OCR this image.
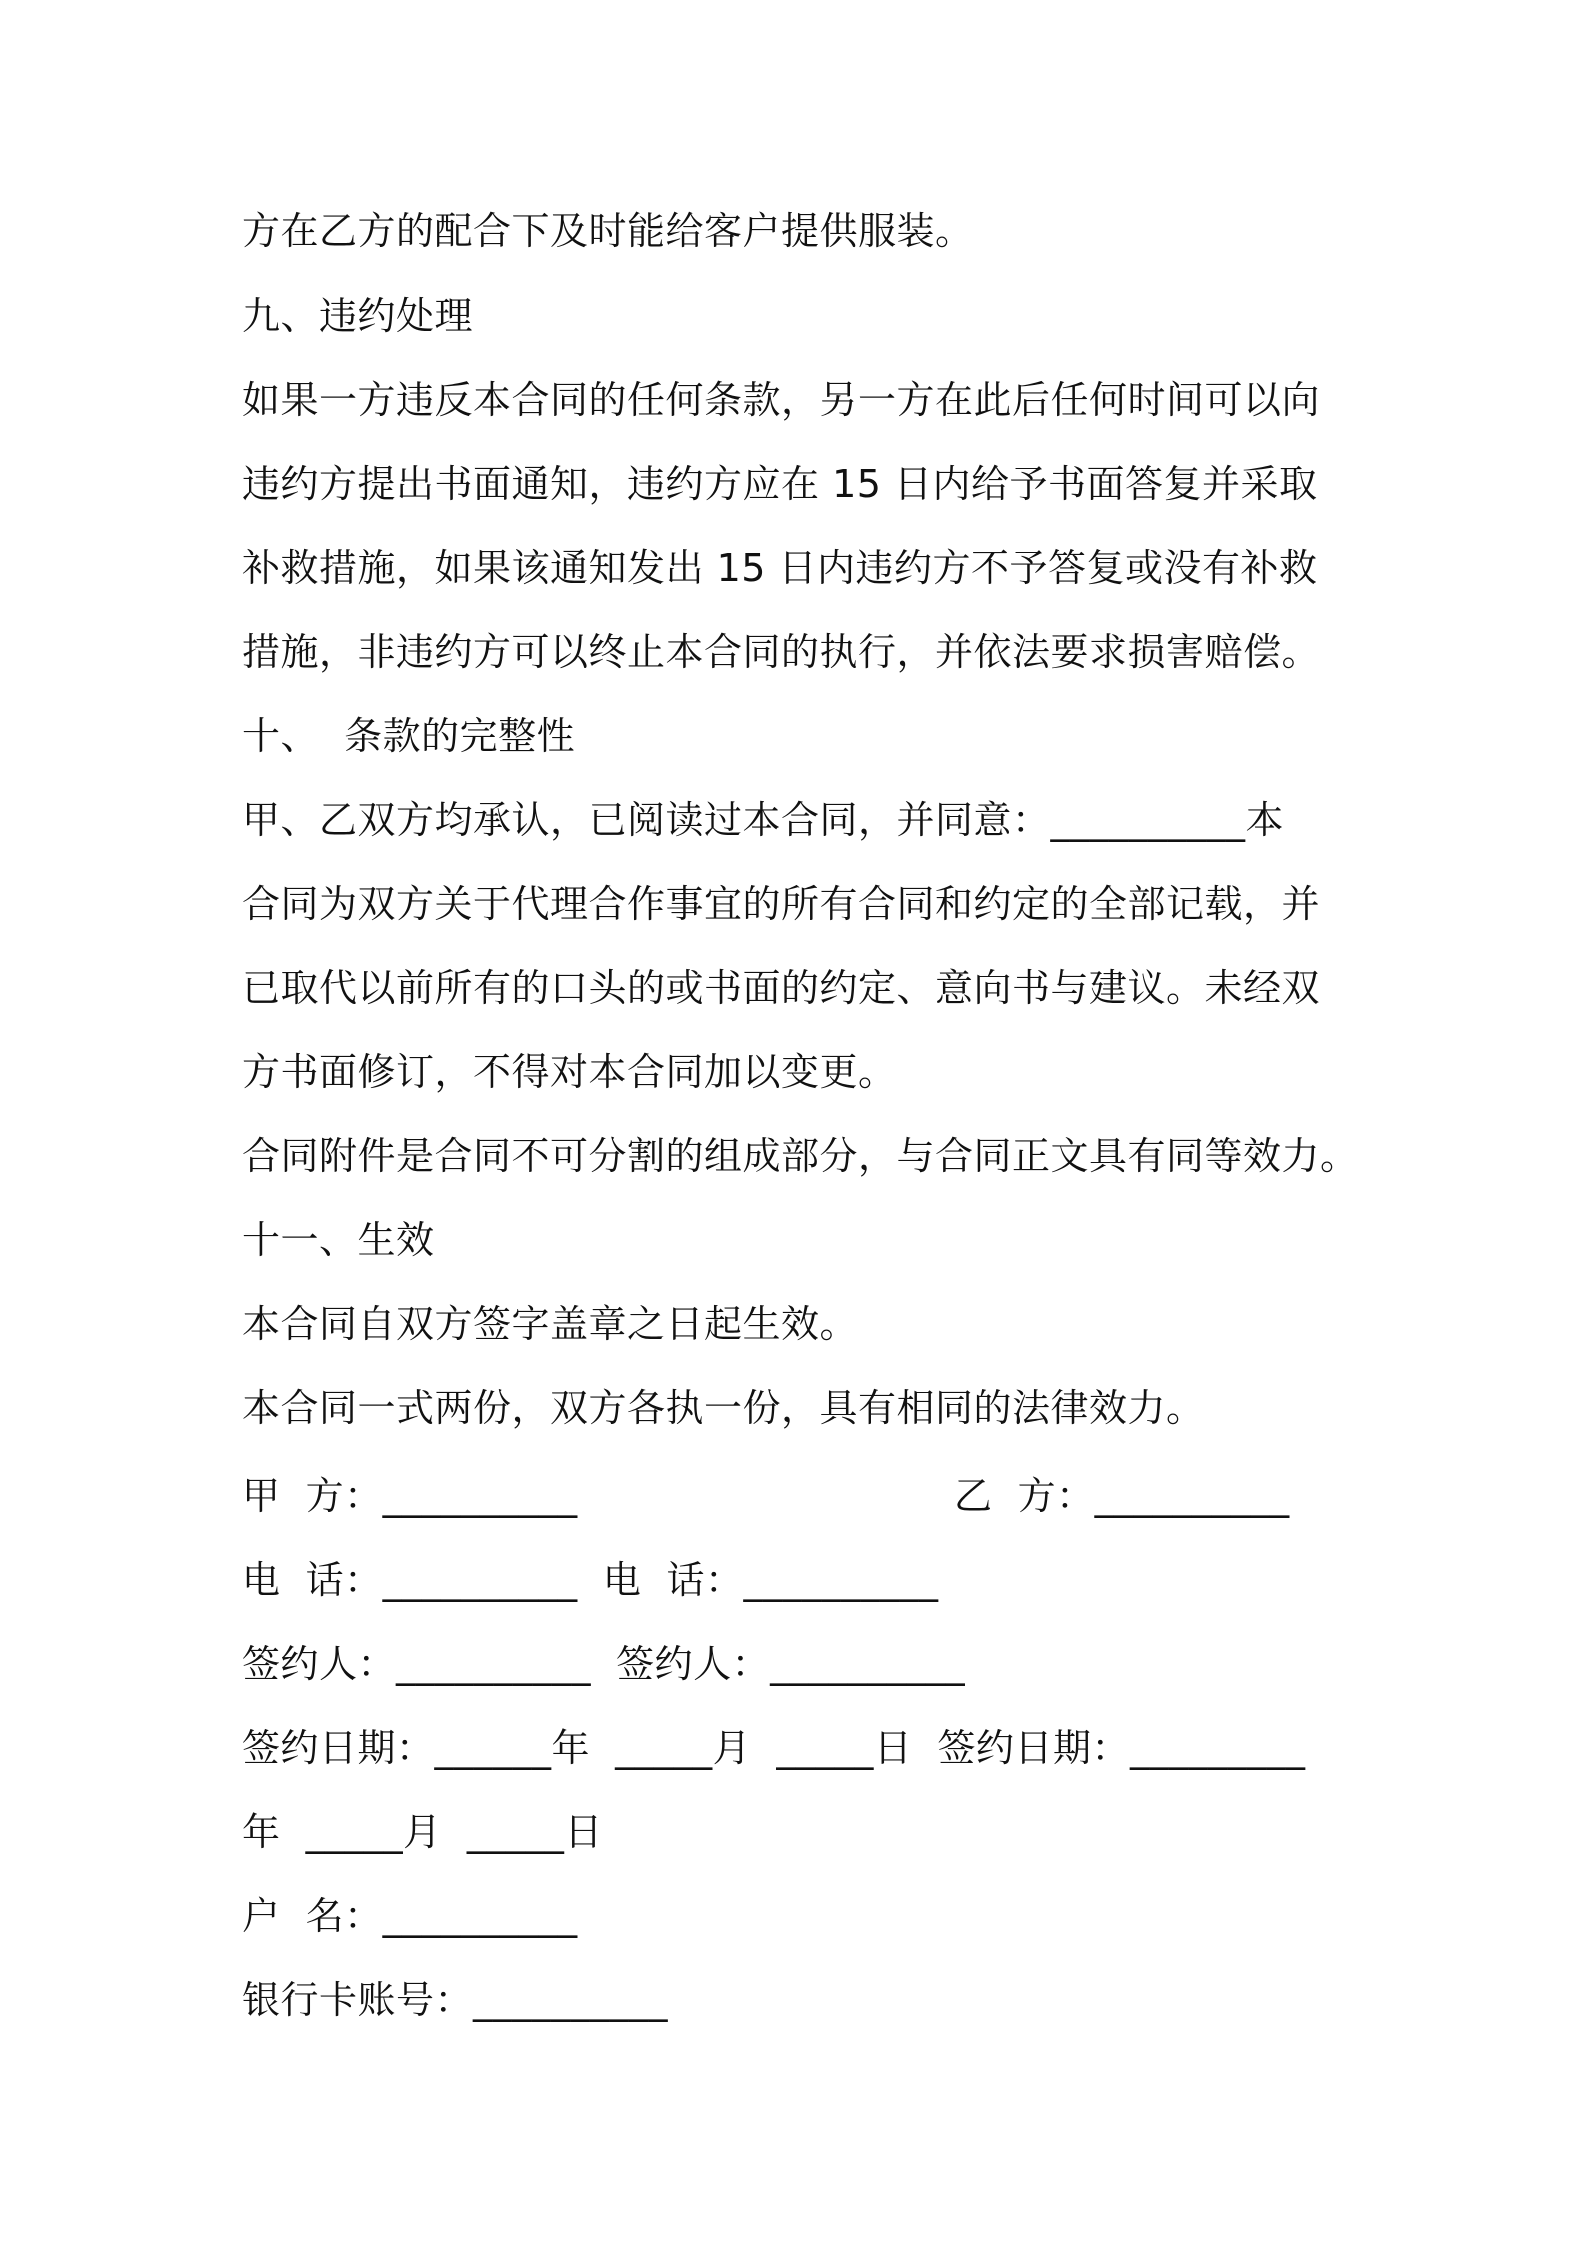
方在乙方的配合下及时能给客户提供服装。
九、违约处理
如果一方违反本合同的任何条款，另一方在此后任何时间可以向
违约方提出书面通知，违约方应在 15 日内给予书面答复并采取
补救措施，如果该通知发出 15 日内违约方不予答复或没有补救
措施，非违约方可以终止本合同的执行，并依法要求损害赔偿。
十、  条款的完整性
甲、乙双方均承认，已阅读过本合同，并同意：__________本
合同为双方关于代理合作事宜的所有合同和约定的全部记载，并
已取代以前所有的口头的或书面的约定、意向书与建议。未经双
方书面修订，不得对本合同加以变更。
合同附件是合同不可分割的组成部分，与合同正文具有同等效力。
十一、生效
本合同自双方签字盖章之日起生效。
本合同一式两份，双方各执一份，具有相同的法律效力。
甲  方：__________	乙  方：__________
电  话：__________  电  话：__________
签约人：__________  签约人：__________
签约日期：______年  _____月  _____日  签约日期：_________
年  _____月  _____日
户  名：__________
银行卡账号：__________
